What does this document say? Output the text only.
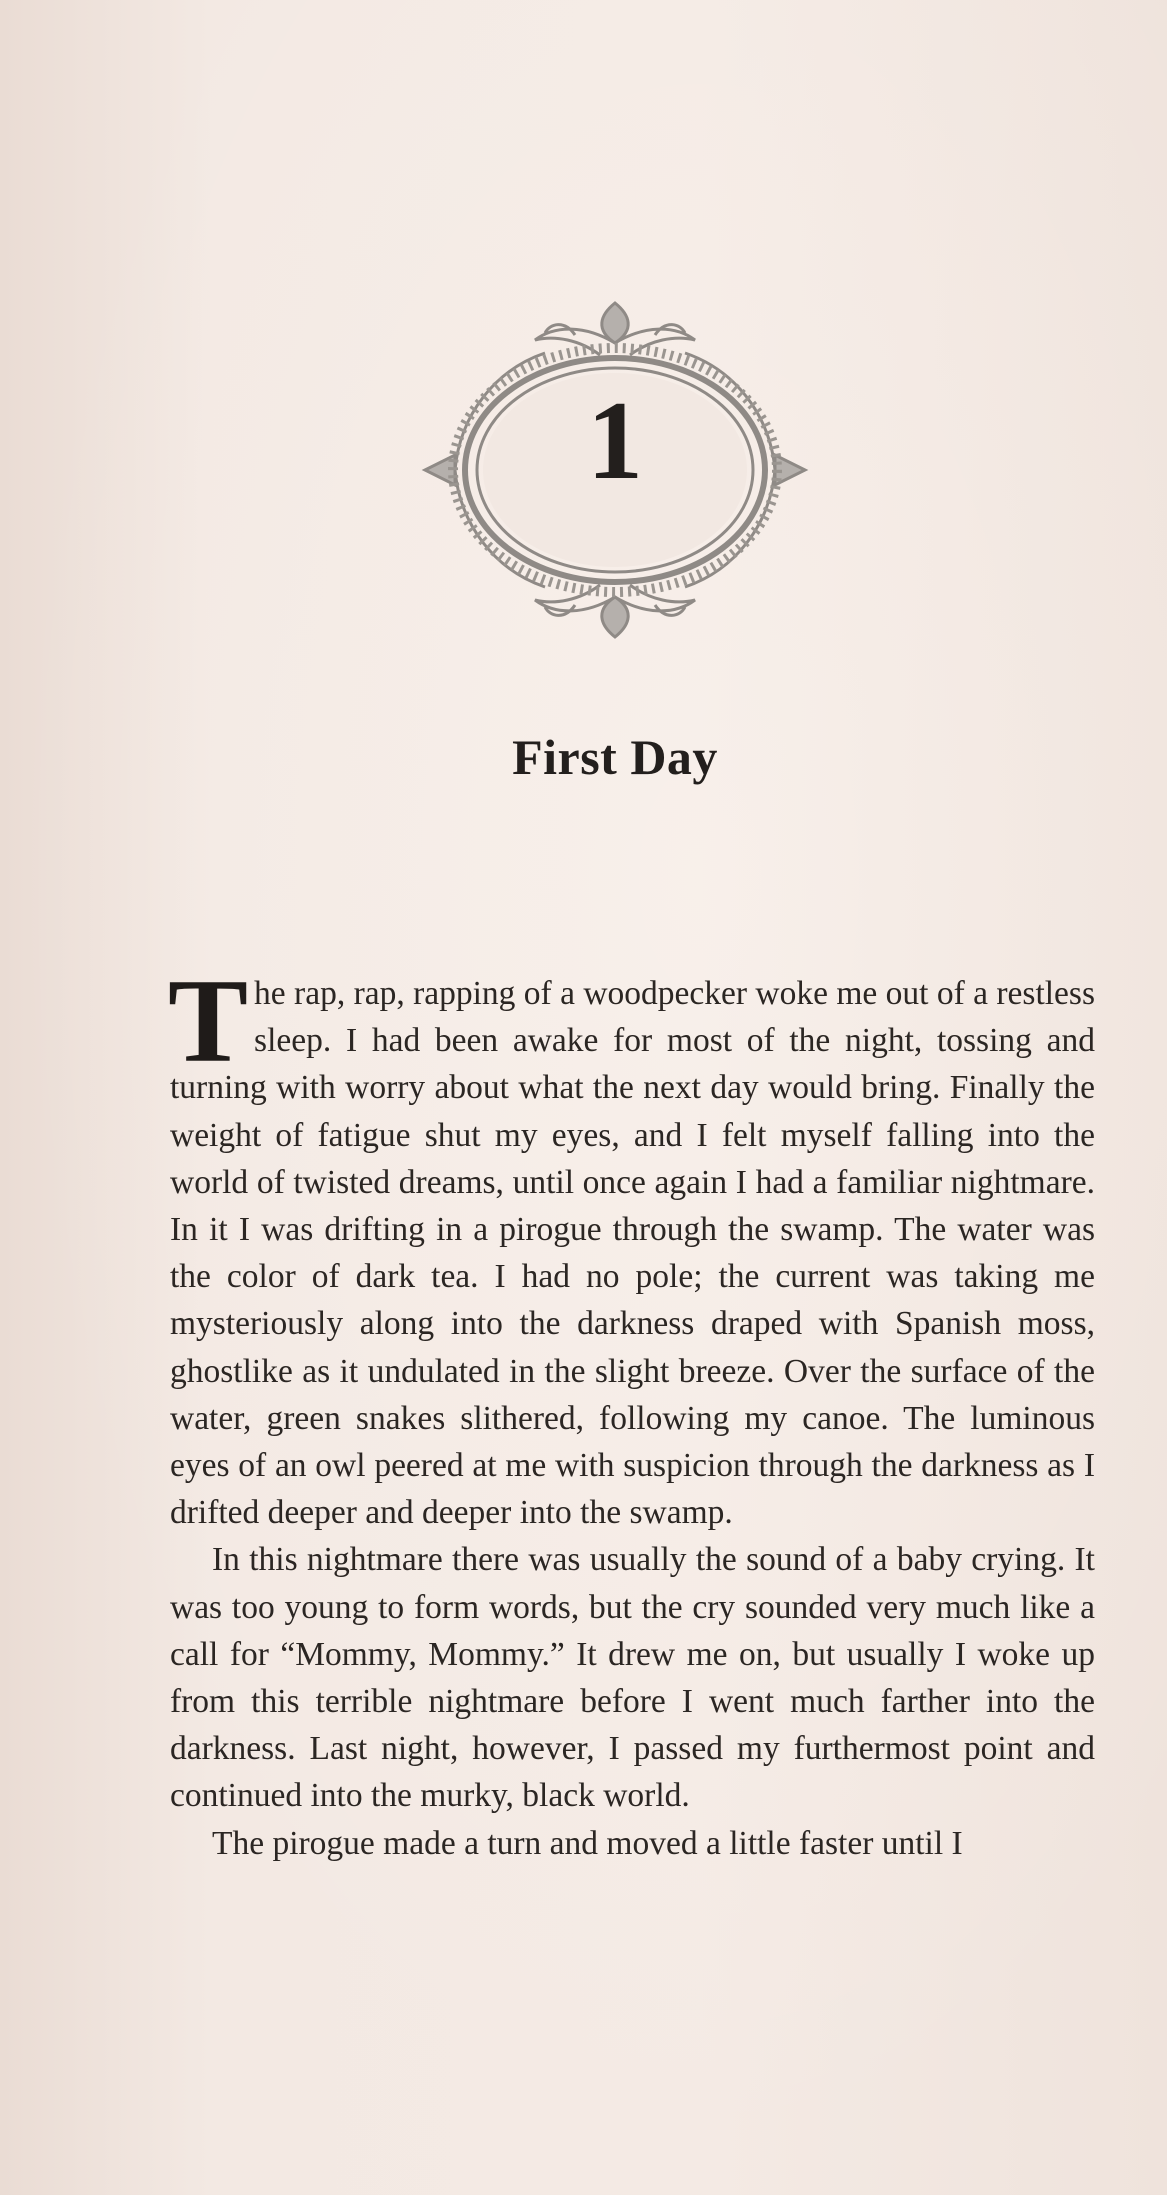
1
First Day

The rap, rap, rapping of a woodpecker woke me out of a restless sleep. I had been awake for most of the night, tossing and turning with worry about what the next day would bring. Finally the weight of fatigue shut my eyes, and I felt myself falling into the world of twisted dreams, until once again I had a familiar nightmare. In it I was drifting in a pirogue through the swamp. The water was the color of dark tea. I had no pole; the current was taking me mysteriously along into the darkness draped with Spanish moss, ghostlike as it undulated in the slight breeze. Over the surface of the water, green snakes slithered, following my canoe. The luminous eyes of an owl peered at me with suspicion through the darkness as I drifted deeper and deeper into the swamp.

In this nightmare there was usually the sound of a baby crying. It was too young to form words, but the cry sounded very much like a call for “Mommy, Mommy.” It drew me on, but usually I woke up from this terrible nightmare before I went much farther into the darkness. Last night, however, I passed my furthermost point and continued into the murky, black world.

The pirogue made a turn and moved a little faster until I
